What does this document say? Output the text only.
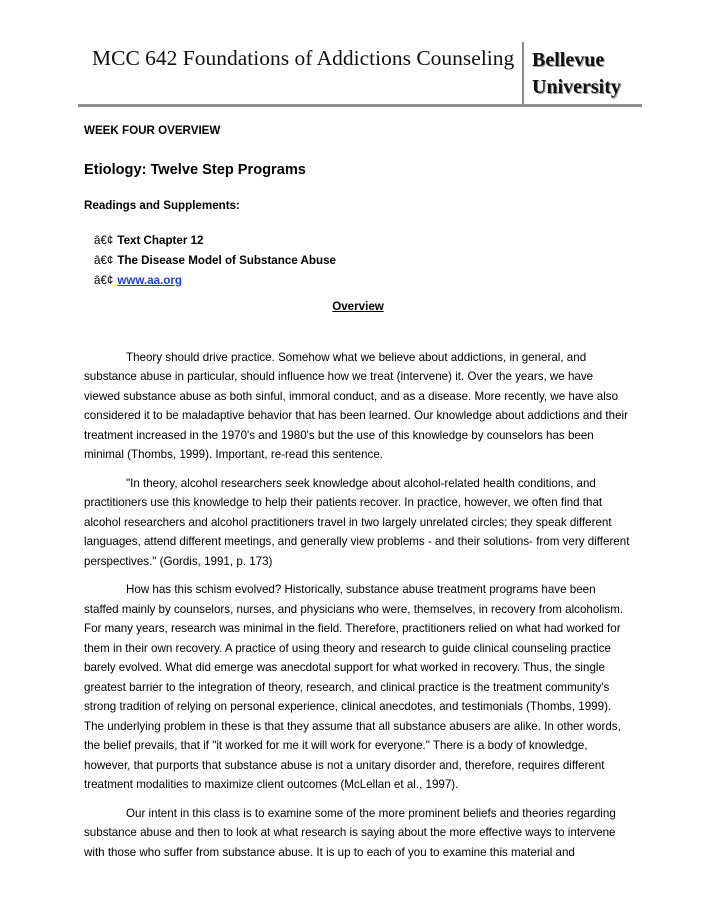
MCC 642 Foundations of Addictions Counseling Bellevue
University
WEEK FOUR OVERVIEW
Etiology: Twelve Step Programs
Readings and Supplements:
â€¢ Text Chapter 12
â€¢ The Disease Model of Substance Abuse
â€¢ www.aa.org
Overview

Theory should drive practice. Somehow what we believe about addictions, in general, and substance abuse in particular, should influence how we treat (intervene) it. Over the years, we have viewed substance abuse as both sinful, immoral conduct, and as a disease. More recently, we have also considered it to be maladaptive behavior that has been learned. Our knowledge about addictions and their treatment increased in the 1970's and 1980's but the use of this knowledge by counselors has been minimal (Thombs, 1999). Important, re-read this sentence.

"In theory, alcohol researchers seek knowledge about alcohol-related health conditions, and practitioners use this knowledge to help their patients recover. In practice, however, we often find that alcohol researchers and alcohol practitioners travel in two largely unrelated circles; they speak different languages, attend different meetings, and generally view problems - and their solutions- from very different perspectives." (Gordis, 1991, p. 173)

How has this schism evolved? Historically, substance abuse treatment programs have been staffed mainly by counselors, nurses, and physicians who were, themselves, in recovery from alcoholism. For many years, research was minimal in the field. Therefore, practitioners relied on what had worked for them in their own recovery. A practice of using theory and research to guide clinical counseling practice barely evolved. What did emerge was anecdotal support for what worked in recovery. Thus, the single greatest barrier to the integration of theory, research, and clinical practice is the treatment community's strong tradition of relying on personal experience, clinical anecdotes, and testimonials (Thombs, 1999). The underlying problem in these is that they assume that all substance abusers are alike. In other words, the belief prevails, that if "it worked for me it will work for everyone." There is a body of knowledge, however, that purports that substance abuse is not a unitary disorder and, therefore, requires different treatment modalities to maximize client outcomes (McLellan et al., 1997).

Our intent in this class is to examine some of the more prominent beliefs and theories regarding substance abuse and then to look at what research is saying about the more effective ways to intervene with those who suffer from substance abuse. It is up to each of you to examine this material and
